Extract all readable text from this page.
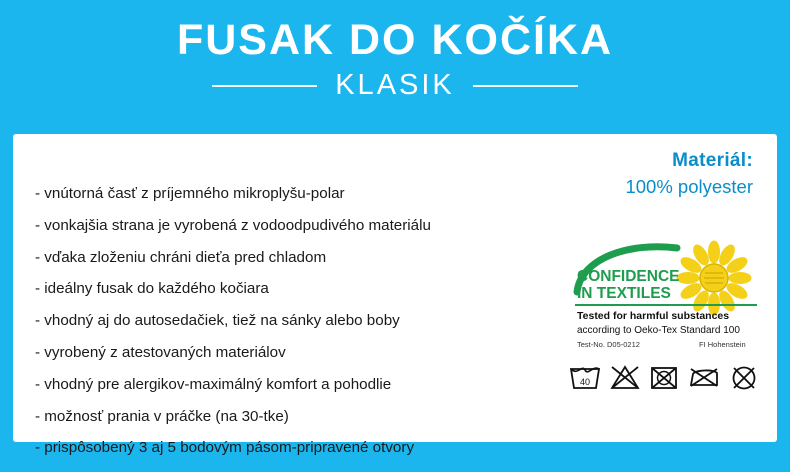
FUSAK DO KOČÍKA
KLASIK
- vnútorná časť z príjemného mikroplyšu-polar
- vonkajšia strana je vyrobená z vodoodpudivého materiálu
- vďaka zloženiu chráni dieťa pred chladom
- ideálny fusak do každého kočiara
- vhodný aj do autosedačiek, tiež na sánky alebo boby
- vyrobený z atestovaných materiálov
- vhodný pre alergikov-maximálný komfort a pohodlie
- možnosť prania v práčke (na 30-tke)
- prispôsobený 3 aj 5 bodovým pásom-pripravené otvory
Materiál:
100% polyester
CONFIDENCE
IN TEXTILES
Tested for harmful substances
according to Oeko-Tex Standard 100
Test-No. D05-0212	FI Hohenstein
40
